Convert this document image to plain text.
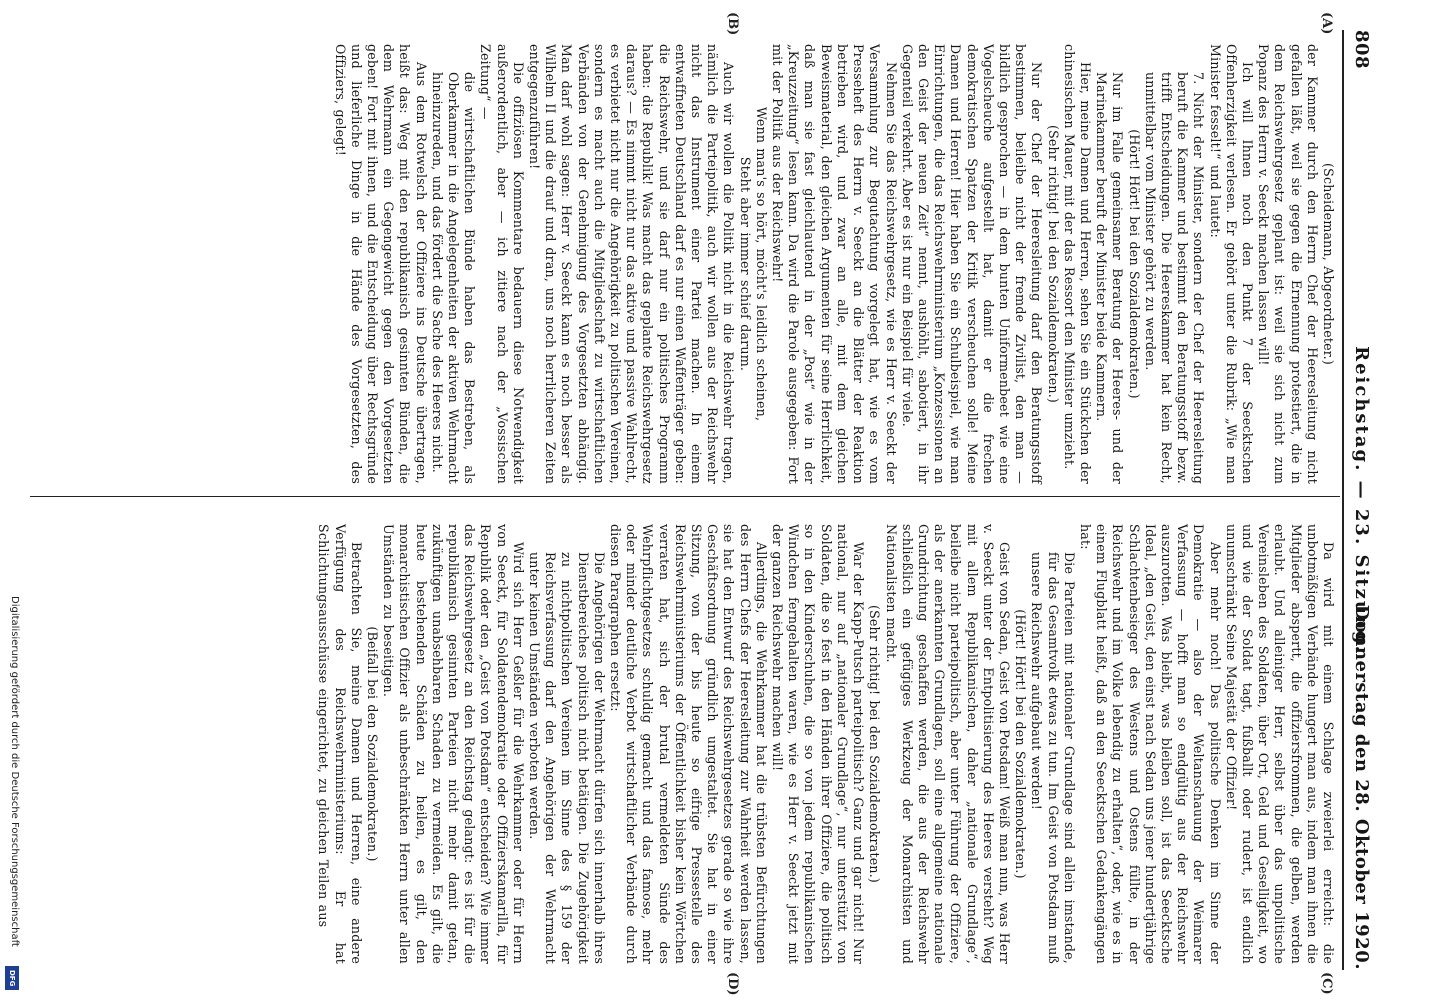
808
Reichstag. — 23. Sitzung.
Donnerstag den 28. Oktober 1920.
(A)
(B)
(C)
(D)

(Scheidemann, Abgeordneter.)

der Kammer durch den Herrn Chef der Heeresleitung nicht gefallen läßt, weil sie gegen die Ernennung protestiert, die in dem Reichswehrgesetz geplant ist: weil sie sich nicht zum Popanz des Herrn v. Seeckt machen lassen will!

Ich will Ihnen noch den Punkt 7 der Seecktschen Offenherzigkeit verlesen. Er gehört unter die Rubrik: „Wie man Minister fesselt!“ und lautet:

7. Nicht der Minister, sondern der Chef der Heeresleitung beruft die Kammer und bestimmt den Beratungsstoff bezw. trifft Entscheidungen. Die Heereskammer hat kein Recht, unmittelbar vom Minister gehört zu werden.

(Hört! Hört! bei den Sozialdemokraten.)

Nur im Falle gemeinsamer Beratung der Heeres- und der Marinekammer beruft der Minister beide Kammern.

Hier, meine Damen und Herren, sehen Sie ein Stückchen der chinesischen Mauer, mit der das Ressort den Minister umzieht.

(Sehr richtig! bei den Sozialdemokraten.)

Nur der Chef der Heeresleitung darf den Beratungsstoff bestimmen, beileibe nicht der fremde Zivilist, den man — bildlich gesprochen — in dem bunten Uniformenbeet wie eine Vogelscheuche aufgestellt hat, damit er die frechen demokratischen Spatzen der Kritik verscheuchen solle! Meine Damen und Herren! Hier haben Sie ein Schulbeispiel, wie man Einrichtungen, die das Reichswehrministerium „Konzessionen an den Geist der neuen Zeit“ nennt, aushöhlt, sabotiert, in ihr Gegenteil verkehrt. Aber es ist nur ein Beispiel für viele.

Nehmen Sie das Reichswehrgesetz, wie es Herr v. Seeckt der Versammlung zur Begutachtung vorgelegt hat, wie es vom Presseheft des Herrn v. Seeckt an die Blätter der Reaktion betrieben wird, und zwar an alle, mit dem gleichen Beweismaterial, den gleichen Argumenten für seine Herrlichkeit, daß man sie fast gleichlautend in der „Post“ wie in der „Kreuzzeitung“ lesen kann. Da wird die Parole ausgegeben: Fort mit der Politik aus der Reichswehr!

Wenn man's so hört, möcht's leidlich scheinen,

Steht aber immer schief darum.

Auch wir wollen die Politik nicht in die Reichswehr tragen, nämlich die Parteipolitik, auch wir wollen aus der Reichswehr nicht das Instrument einer Partei machen. In einem entwaffneten Deutschland darf es nur einen Waffenträger geben: die Reichswehr, und sie darf nur ein politisches Programm haben: die Republik! Was macht das geplante Reichswehrgesetz daraus? — Es nimmt nicht nur das aktive und passive Wahlrecht, es verbietet nicht nur die Angehörigkeit zu politischen Vereinen, sondern es macht auch die Mitgliedschaft zu wirtschaftlichen Verbänden von der Genehmigung des Vorgesetzten abhängig. Man darf wohl sagen: Herr v. Seeckt kann es noch besser als Wilhelm II und die drauf und dran, uns noch herrlicheren Zeiten entgegenzuführen!

Die offiziösen Kommentare bedauern diese Notwendigkeit außerordentlich, aber — ich zitiere nach der „Vossischen Zeitung“ —

die wirtschaftlichen Bünde haben das Bestreben, als Oberkammer in die Angelegenheiten der aktiven Wehrmacht hineinzureden, und das fördert die Sache des Heeres nicht.

Aus dem Rotwelsch der Offiziere ins Deutsche übertragen, heißt das: Weg mit den republikanisch gesinnten Bünden, die dem Wehrmann ein Gegengewicht gegen den Vorgesetzten geben! Fort mit ihnen, und die Entscheidung über Rechtsgründe und lieferliche Dinge in die Hände des Vorgesetzten, des Offiziers, gelegt!

Da wird mit einem Schlage zweierlei erreicht: die unbotmäßigen Verbände hungert man aus, indem man ihnen die Mitglieder abspertt, die offiziersfrommen, die gelben, werden erlaubt. Und alleiniger Herr, selbst über das unpolitische Vereinsleben des Soldaten, über Ort, Geld und Geselligkeit, wo und wie der Soldat tagt, fußballt oder rudert, ist endlich unumschränkt Seine Majestät der Offizier!

Aber mehr noch! Das politische Denken im Sinne der Demokratie — also der Weltanschauung der Weimarer Verfassung — hofft man so endgültig aus der Reichswehr auszurotten. Was bleibt, was bleiben soll, ist das Seecktsche Ideal, „den Geist, den einst nach Sedan uns jener hundertjährige Schlachtenbesieger des Westens und Ostens füllte, in der Reichswehr und im Volke lebendig zu erhalten“, oder, wie es in einem Flugblatt heißt, daß an den Seecktschen Gedankengängen hat:

Die Parteien mit nationaler Grundlage sind allein imstande, für das Gesamtvolk etwas zu tun. Im Geist von Potsdam muß unsere Reichswehr aufgebaut werden!

(Hört! Hört! bei den Sozialdemokraten.)

Geist von Sedan, Geist von Potsdam! Weiß man nun, was Herr v. Seeckt unter der Entpolitisierung des Heeres versteht? Weg mit allem Republikanischen, daher „nationale Grundlage“, beileibe nicht parteipolitisch, aber unter Führung der Offiziere, als der anerkannten Grundlagen, soll eine allgemeine nationale Grundrichtung geschaffen werden, die aus der Reichswehr schließlich ein gefügiges Werkzeug der Monarchisten und Nationalisten macht.

(Sehr richtig! bei den Sozialdemokraten.)

War der Kapp-Putsch parteipolitisch? Ganz und gar nicht! Nur national, nur auf „nationaler Grundlage“, nur unterstützt von Soldaten, die so fest in den Händen ihrer Offiziere, die politisch so in den Kinderschuhen, die so von jedem republikanischen Windchen ferngehalten waren, wie es Herr v. Seeckt jetzt mit der ganzen Reichswehr machen will!

Allerdings, die Wehrkammer hat die trübsten Befürchtungen des Herrn Chefs der Heeresleitung zur Wahrheit werden lassen, sie hat den Entwurf des Reichswehrgesetzes gerade so wie ihre Geschäftsordnung gründlich umgestaltet. Sie hat in einer Sitzung, von der bis heute so eifrige Pressestelle des Reichswehrministeriums der Öffentlichkeit bisher kein Wörtchen verraten hat, sich der brutal vermeldeten Sünde des Wehrpflichtgesetzes schuldig gemacht und das famose, mehr oder minder deutliche Verbot wirtschaftlicher Verbände durch diesen Paragraphen ersetzt:

Die Angehörigen der Wehrmacht dürfen sich innerhalb ihres Dienstbereiches politisch nicht betätigen. Die Zugehörigkeit zu nichtpolitischen Vereinen im Sinne des § 159 der Reichsverfassung darf den Angehörigen der Wehrmacht unter keinen Umständen verboten werden.

Wird sich Herr Geßler für die Wehrkammer oder für Herrn von Seeckt, für Soldatendemokratie oder Offizierskamarilla, für Republik oder den „Geist von Potsdam“ entscheiden? Wie immer das Reichswehrgesetz an den Reichstag gelangt: es ist für die republikanisch gesinnten Parteien nicht mehr damit getan, zukünftigen unabsehbaren Schaden zu vermeiden. Es gilt, die heute bestehenden Schäden zu heilen, es gilt, den monarchistischen Offizier als unbeschränkten Herrn unter allen Umständen zu beseitigen.

(Beifall bei den Sozialdemokraten.)

Betrachten Sie, meine Damen und Herren, eine andere Verfügung des Reichswehrministeriums: Er hat Schlichtungsausschüsse eingerichtet, zu gleichen Teilen aus

Digitalisierung gefördert durch die Deutsche Forschungsgemeinschaft
DFG
